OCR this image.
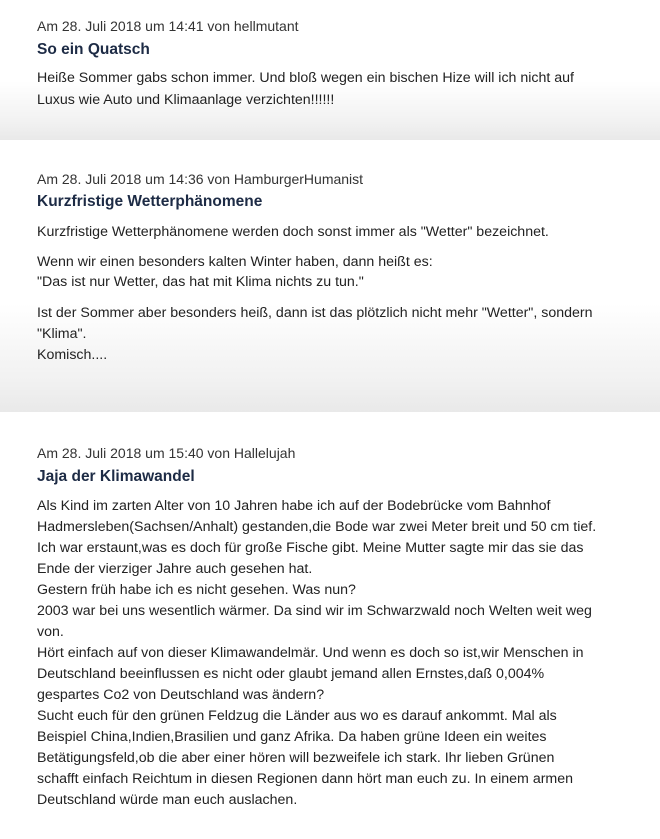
Am 28. Juli 2018 um 14:41 von hellmutant

So ein Quatsch

Heiße Sommer gabs schon immer. Und bloß wegen ein bischen Hize will ich nicht auf

Luxus wie Auto und Klimaanlage verzichten!!!!!!

Am 28. Juli 2018 um 14:36 von HamburgerHumanist

Kurzfristige Wetterphänomene

Kurzfristige Wetterphänomene werden doch sonst immer als "Wetter" bezeichnet.

Wenn wir einen besonders kalten Winter haben, dann heißt es:

"Das ist nur Wetter, das hat mit Klima nichts zu tun."

Ist der Sommer aber besonders heiß, dann ist das plötzlich nicht mehr "Wetter", sondern

"Klima".

Komisch....

Am 28. Juli 2018 um 15:40 von Hallelujah

Jaja der Klimawandel

Als Kind im zarten Alter von 10 Jahren habe ich auf der Bodebrücke vom Bahnhof

Hadmersleben(Sachsen/Anhalt) gestanden,die Bode war zwei Meter breit und 50 cm tief.

Ich war erstaunt,was es doch für große Fische gibt. Meine Mutter sagte mir das sie das

Ende der vierziger Jahre auch gesehen hat.

Gestern früh habe ich es nicht gesehen. Was nun?

2003 war bei uns wesentlich wärmer. Da sind wir im Schwarzwald noch Welten weit weg

von.

Hört einfach auf von dieser Klimawandelmär. Und wenn es doch so ist,wir Menschen in

Deutschland beeinflussen es nicht oder glaubt jemand allen Ernstes,daß 0,004%

gespartes Co2 von Deutschland was ändern?

Sucht euch für den grünen Feldzug die Länder aus wo es darauf ankommt. Mal als

Beispiel China,Indien,Brasilien und ganz Afrika. Da haben grüne Ideen ein weites

Betätigungsfeld,ob die aber einer hören will bezweifele ich stark. Ihr lieben Grünen

schafft einfach Reichtum in diesen Regionen dann hört man euch zu. In einem armen

Deutschland würde man euch auslachen.
